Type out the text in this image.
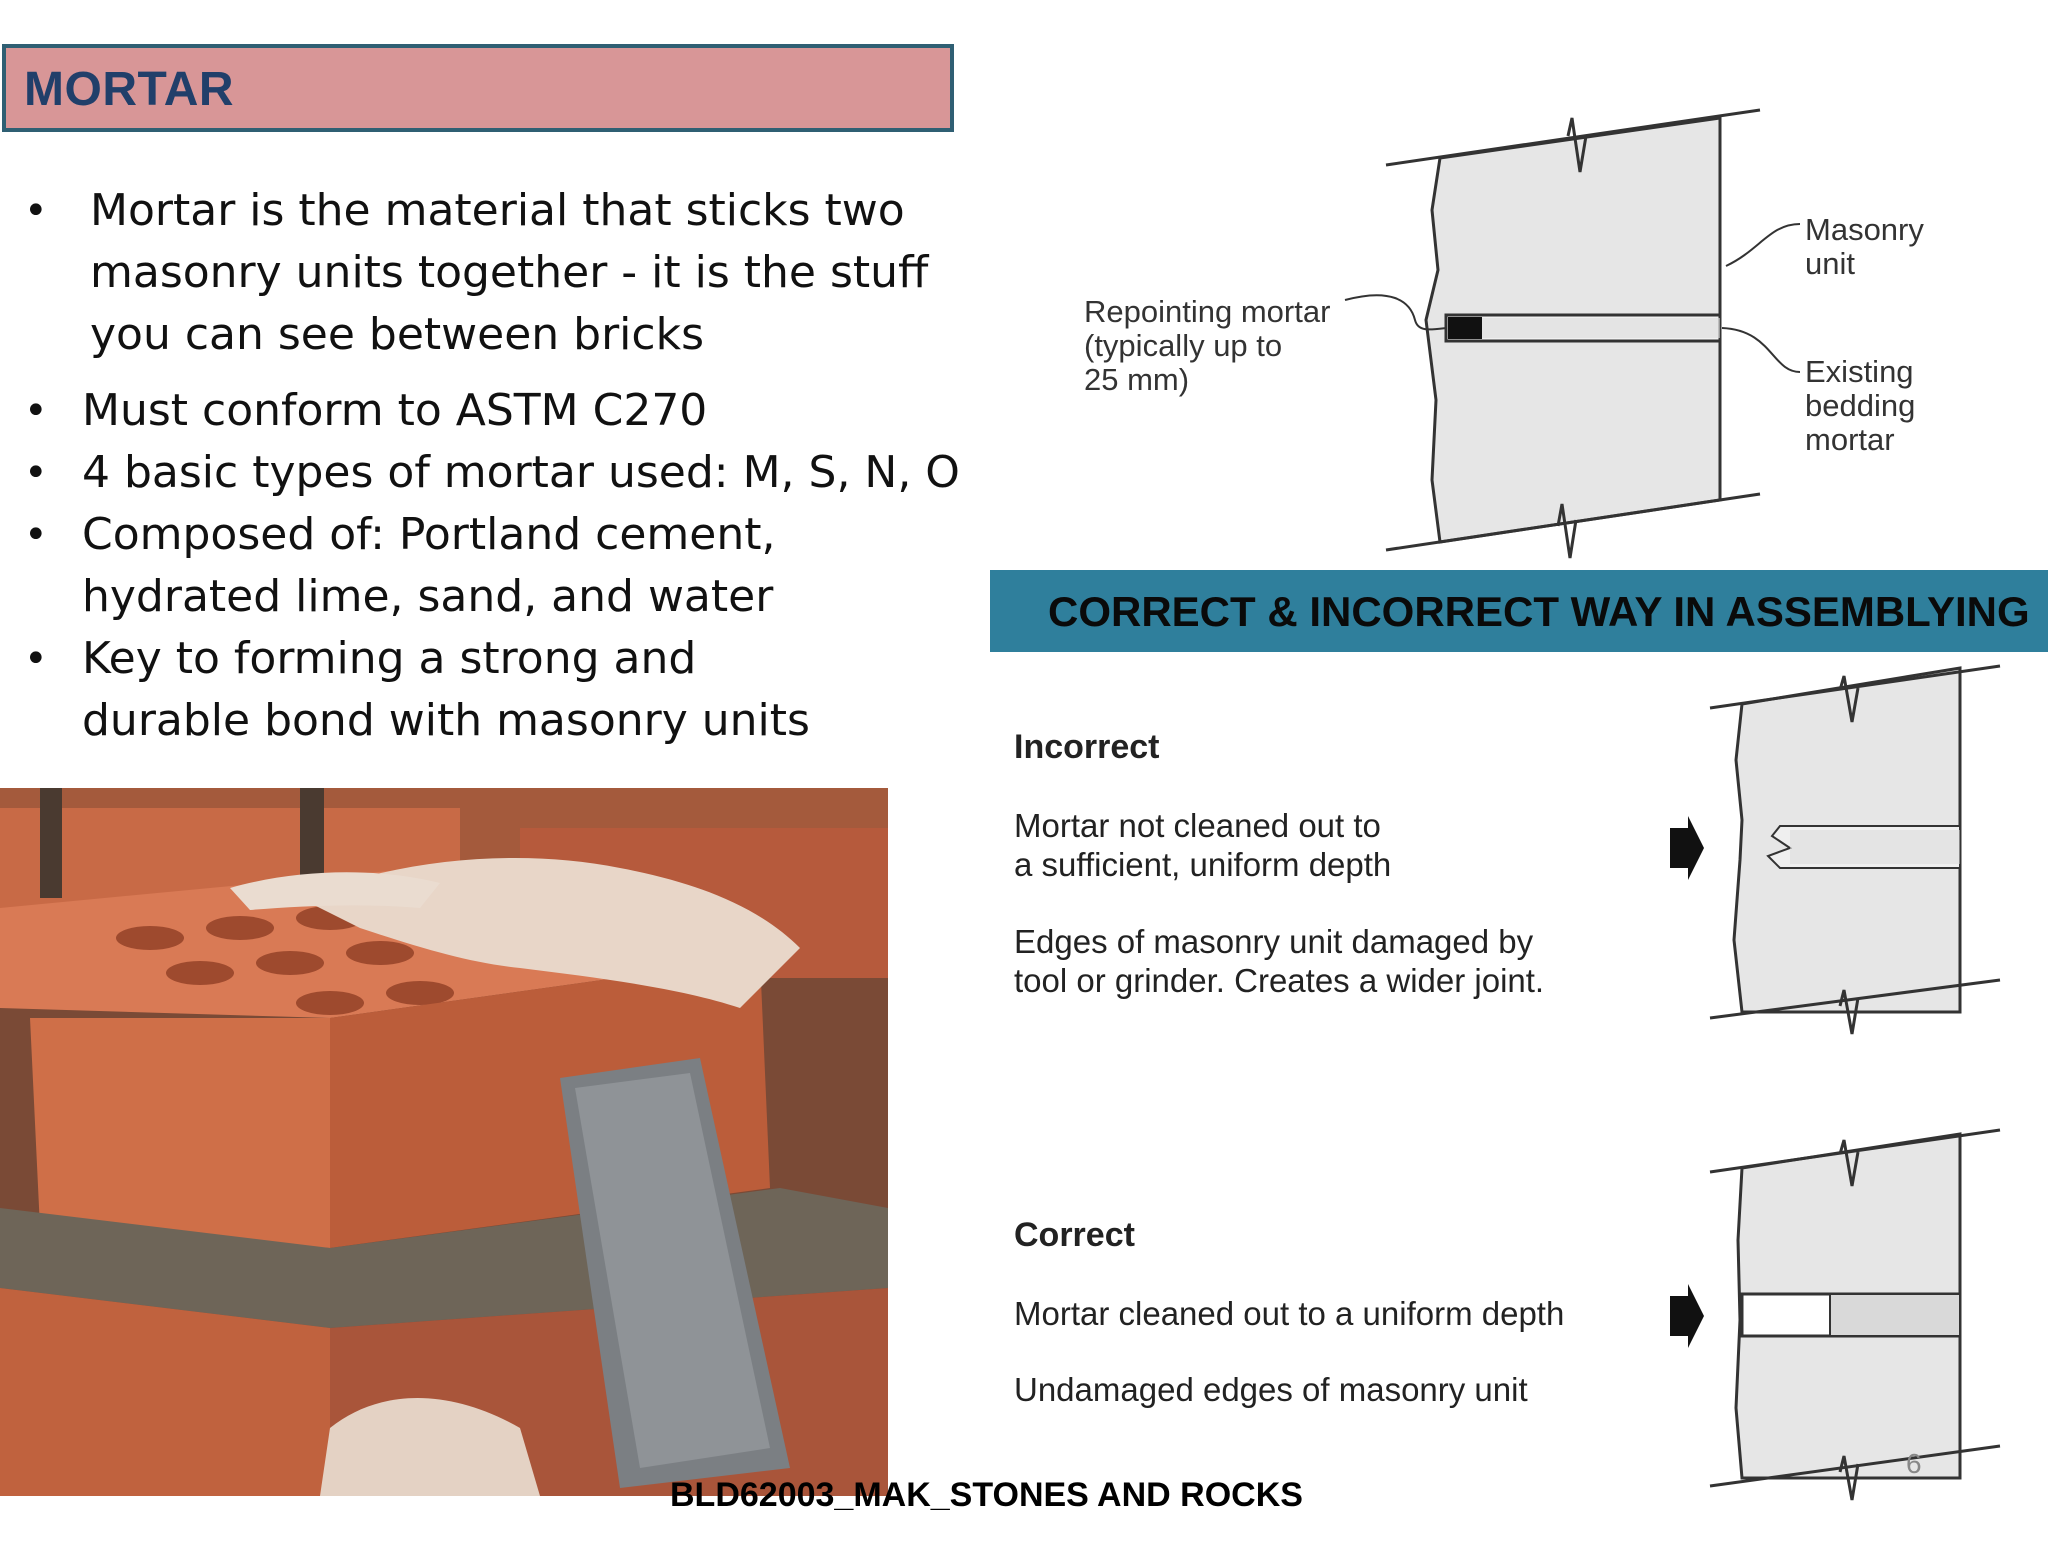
MORTAR
• Mortar is the material that sticks two masonry units together - it is the stuff you can see between bricks
• Must conform to ASTM C270
• 4 basic types of mortar used: M, S, N, O
• Composed of: Portland cement, hydrated lime, sand, and water
• Key to forming a strong and durable bond with masonry units
Repointing mortar
(typically up to
25 mm)
Masonry
unit
Existing
bedding
mortar
CORRECT & INCORRECT WAY IN ASSEMBLYING
Incorrect
Mortar not cleaned out to
a sufficient, uniform depth
Edges of masonry unit damaged by
tool or grinder. Creates a wider joint.
Correct
Mortar cleaned out to a uniform depth
Undamaged edges of masonry unit
BLD62003_MAK_STONES AND ROCKS
6
